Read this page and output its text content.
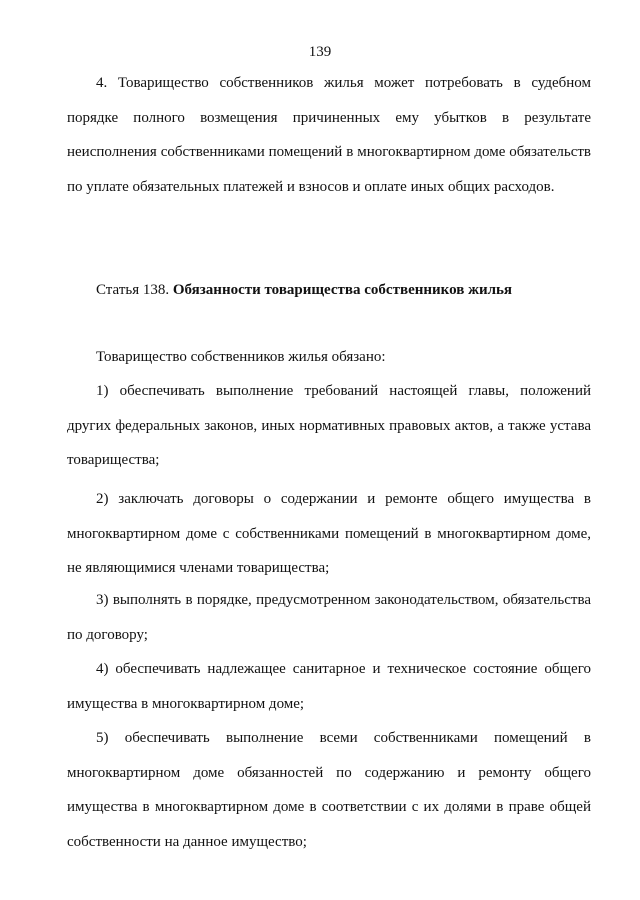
139

4. Товарищество собственников жилья может потребовать в судебном порядке полного возмещения причиненных ему убытков в результате неисполнения собственниками помещений в многоквартирном доме обязательств по уплате обязательных платежей и взносов и оплате иных общих расходов.

Статья 138. Обязанности товарищества собственников жилья

Товарищество собственников жилья обязано:

1) обеспечивать выполнение требований настоящей главы, положений других федеральных законов, иных нормативных правовых актов, а также устава товарищества;

2) заключать договоры о содержании и ремонте общего имущества в многоквартирном доме с собственниками помещений в многоквартирном доме, не являющимися членами товарищества;

3) выполнять в порядке, предусмотренном законодательством, обязательства по договору;

4) обеспечивать надлежащее санитарное и техническое состояние общего имущества в многоквартирном доме;

5) обеспечивать выполнение всеми собственниками помещений в многоквартирном доме обязанностей по содержанию и ремонту общего имущества в многоквартирном доме в соответствии с их долями в праве общей собственности на данное имущество;
